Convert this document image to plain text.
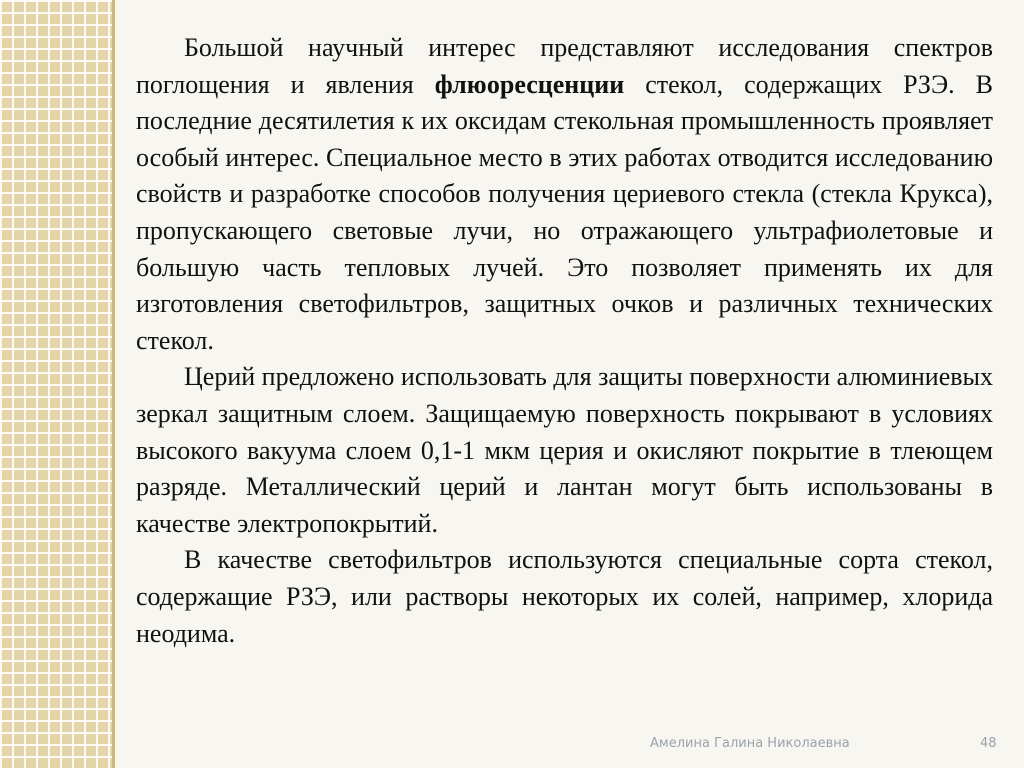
Большой научный интерес представляют исследования спектров поглощения и явления флюоресценции стекол, содержащих РЗЭ. В последние десятилетия к их оксидам стекольная промышленность проявляет особый интерес. Специальное место в этих работах отводится исследованию свойств и разработке способов получения цериевого стекла (стекла Крукса), пропускающего световые лучи, но отражающего ультрафиолетовые и большую часть тепловых лучей. Это позволяет применять их для изготовления светофильтров, защитных очков и различных технических стекол.

Церий предложено использовать для защиты поверхности алюминиевых зеркал защитным слоем. Защищаемую поверхность покрывают в условиях высокого вакуума слоем 0,1-1 мкм церия и окисляют покрытие в тлеющем разряде. Металлический церий и лантан могут быть использованы в качестве электропокрытий.

В качестве светофильтров используются специальные сорта стекол, содержащие РЗЭ, или растворы некоторых их солей, например, хлорида неодима.

Амелина Галина Николаевна	48
